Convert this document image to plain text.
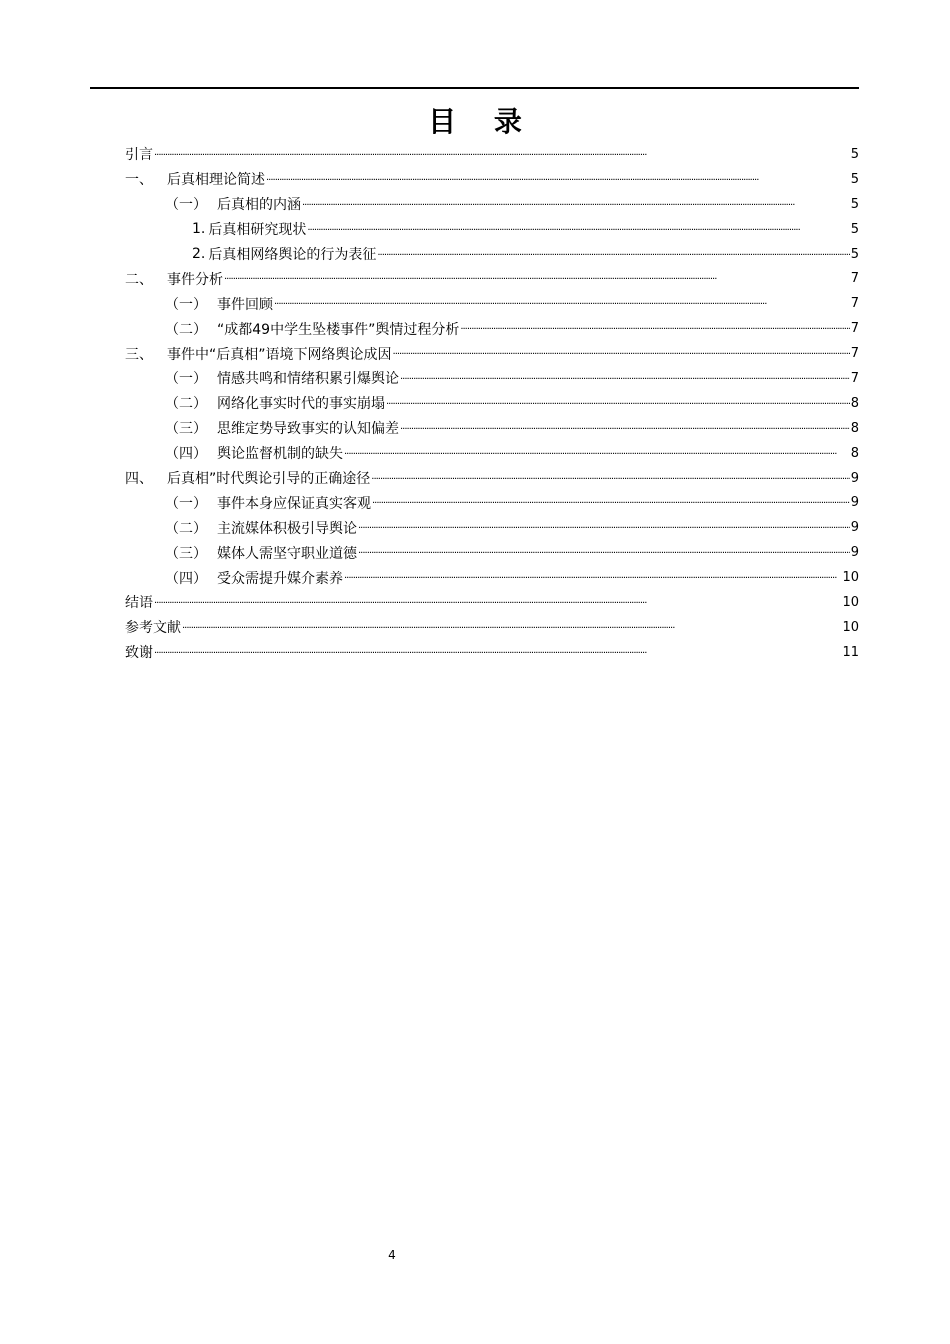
目 录
引言 ·····	5
一、	后真相理论简述 ·····	5
（一） 后真相的内涵 ·····	5
1. 后真相研究现状 ·····	5
2. 后真相网络舆论的行为表征 ·····	5
二、	事件分析 ·····	7
（一） 事件回顾 ·····	7
（二） “成都49中学生坠楼事件”舆情过程分析 ·····	7
三、	事件中“后真相”语境下网络舆论成因 ·····	7
（一） 情感共鸣和情绪积累引爆舆论 ·····	7
（二） 网络化事实时代的事实崩塌 ·····	8
（三） 思维定势导致事实的认知偏差 ·····	8
（四） 舆论监督机制的缺失 ·····	8
四、	后真相”时代舆论引导的正确途径 ·····	9
（一） 事件本身应保证真实客观 ·····	9
（二） 主流媒体积极引导舆论 ·····	9
（三） 媒体人需坚守职业道德 ·····	9
（四） 受众需提升媒介素养 ·····	10
结语 ·····	10
参考文献 ·····	10
致谢 ·····	11
4
